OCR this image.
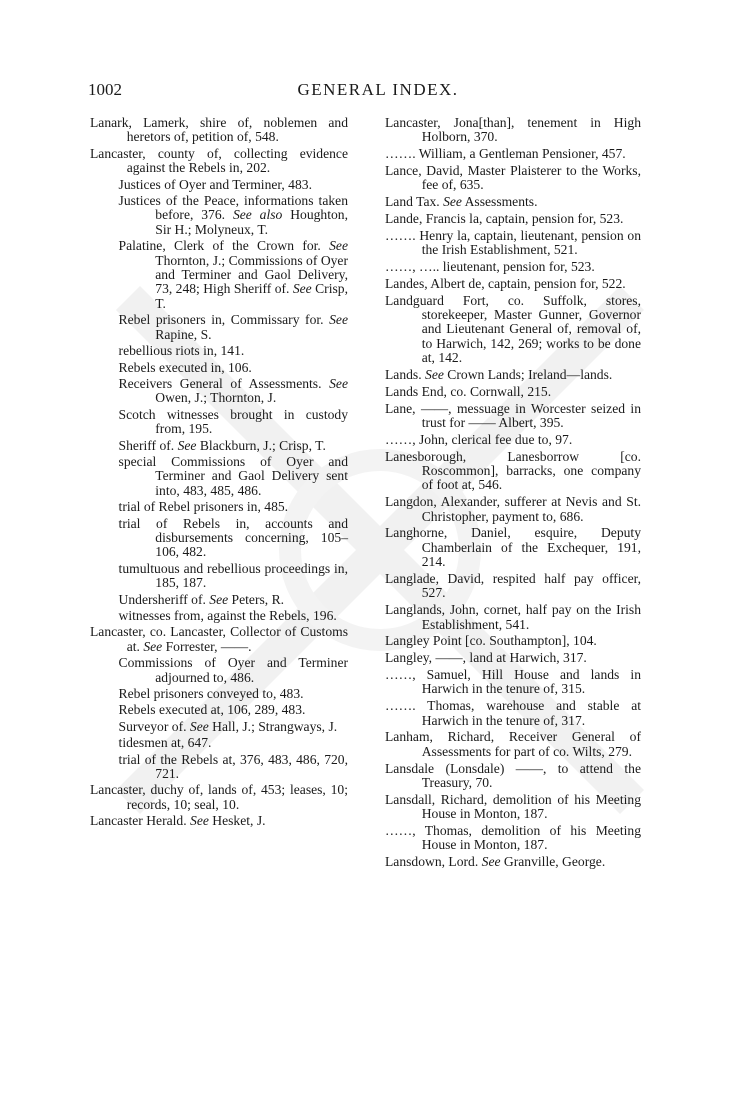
1002	GENERAL INDEX.

Lanark, Lamerk, shire of, noblemen and heretors of, petition of, 548.

Lancaster, county of, collecting evidence against the Rebels in, 202.

Justices of Oyer and Terminer, 483.

Justices of the Peace, informations taken before, 376. See also Houghton, Sir H.; Molyneux, T.

Palatine, Clerk of the Crown for. See Thornton, J.; Commissions of Oyer and Terminer and Gaol Delivery, 73, 248; High Sheriff of. See Crisp, T.

Rebel prisoners in, Commissary for. See Rapine, S.

rebellious riots in, 141.

Rebels executed in, 106.

Receivers General of Assessments. See Owen, J.; Thornton, J.

Scotch witnesses brought in custody from, 195.

Sheriff of. See Blackburn, J.; Crisp, T.

special Commissions of Oyer and Terminer and Gaol Delivery sent into, 483, 485, 486.

trial of Rebel prisoners in, 485.

trial of Rebels in, accounts and disbursements concerning, 105–106, 482.

tumultuous and rebellious proceedings in, 185, 187.

Undersheriff of. See Peters, R.

witnesses from, against the Rebels, 196.

Lancaster, co. Lancaster, Collector of Customs at. See Forrester, ——.

Commissions of Oyer and Terminer adjourned to, 486.

Rebel prisoners conveyed to, 483.

Rebels executed at, 106, 289, 483.

Surveyor of. See Hall, J.; Strangways, J.

tidesmen at, 647.

trial of the Rebels at, 376, 483, 486, 720, 721.

Lancaster, duchy of, lands of, 453; leases, 10; records, 10; seal, 10.

Lancaster Herald. See Hesket, J.

Lancaster, Jona[than], tenement in High Holborn, 370.

……. William, a Gentleman Pensioner, 457.

Lance, David, Master Plaisterer to the Works, fee of, 635.

Land Tax. See Assessments.

Lande, Francis la, captain, pension for, 523.

……. Henry la, captain, lieutenant, pension on the Irish Establishment, 521.

……, ….. lieutenant, pension for, 523.

Landes, Albert de, captain, pension for, 522.

Landguard Fort, co. Suffolk, stores, storekeeper, Master Gunner, Governor and Lieutenant General of, removal of, to Harwich, 142, 269; works to be done at, 142.

Lands. See Crown Lands; Ireland—lands.

Lands End, co. Cornwall, 215.

Lane, ——, messuage in Worcester seized in trust for —— Albert, 395.

……, John, clerical fee due to, 97.

Lanesborough, Lanesborrow [co. Roscommon], barracks, one company of foot at, 546.

Langdon, Alexander, sufferer at Nevis and St. Christopher, payment to, 686.

Langhorne, Daniel, esquire, Deputy Chamberlain of the Exchequer, 191, 214.

Langlade, David, respited half pay officer, 527.

Langlands, John, cornet, half pay on the Irish Establishment, 541.

Langley Point [co. Southampton], 104.

Langley, ——, land at Harwich, 317.

……, Samuel, Hill House and lands in Harwich in the tenure of, 315.

……. Thomas, warehouse and stable at Harwich in the tenure of, 317.

Lanham, Richard, Receiver General of Assessments for part of co. Wilts, 279.

Lansdale (Lonsdale) ——, to attend the Treasury, 70.

Lansdall, Richard, demolition of his Meeting House in Monton, 187.

……, Thomas, demolition of his Meeting House in Monton, 187.

Lansdown, Lord. See Granville, George.
